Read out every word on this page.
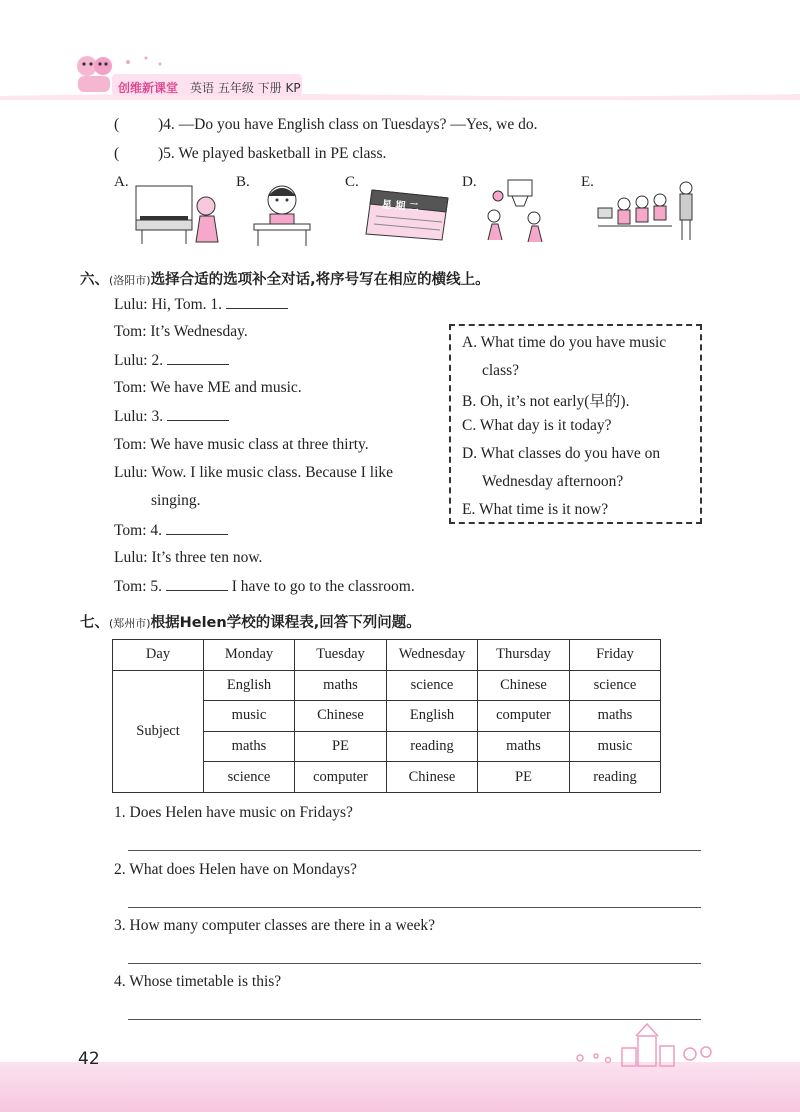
创维新课堂 英语 五年级 下册 KP
(	)4. —Do you have English class on Tuesdays? —Yes, we do.
(	)5. We played basketball in PE class.
A.	B.	C.	D.	E.
星 期 二
六、(洛阳市)选择合适的选项补全对话,将序号写在相应的横线上。
Lulu: Hi, Tom. 1.
Tom: It’s Wednesday.
Lulu: 2.
Tom: We have ME and music.
Lulu: 3.
Tom: We have music class at three thirty.
Lulu: Wow. I like music class. Because I like
singing.
Tom: 4.
Lulu: It’s three ten now.
Tom: 5.	I have to go to the classroom.
A. What time do you have music
class?
B. Oh, it’s not early(早的).
C. What day is it today?
D. What classes do you have on
Wednesday afternoon?
E. What time is it now?
七、(郑州市)根据Helen学校的课程表,回答下列问题。
Day	Monday	Tuesday	Wednesday	Thursday	Friday
Subject	English	maths	science	Chinese	science
	music	Chinese	English	computer	maths
	maths	PE	reading	maths	music
	science	computer	Chinese	PE	reading
1. Does Helen have music on Fridays?
2. What does Helen have on Mondays?
3. How many computer classes are there in a week?
4. Whose timetable is this?
42
